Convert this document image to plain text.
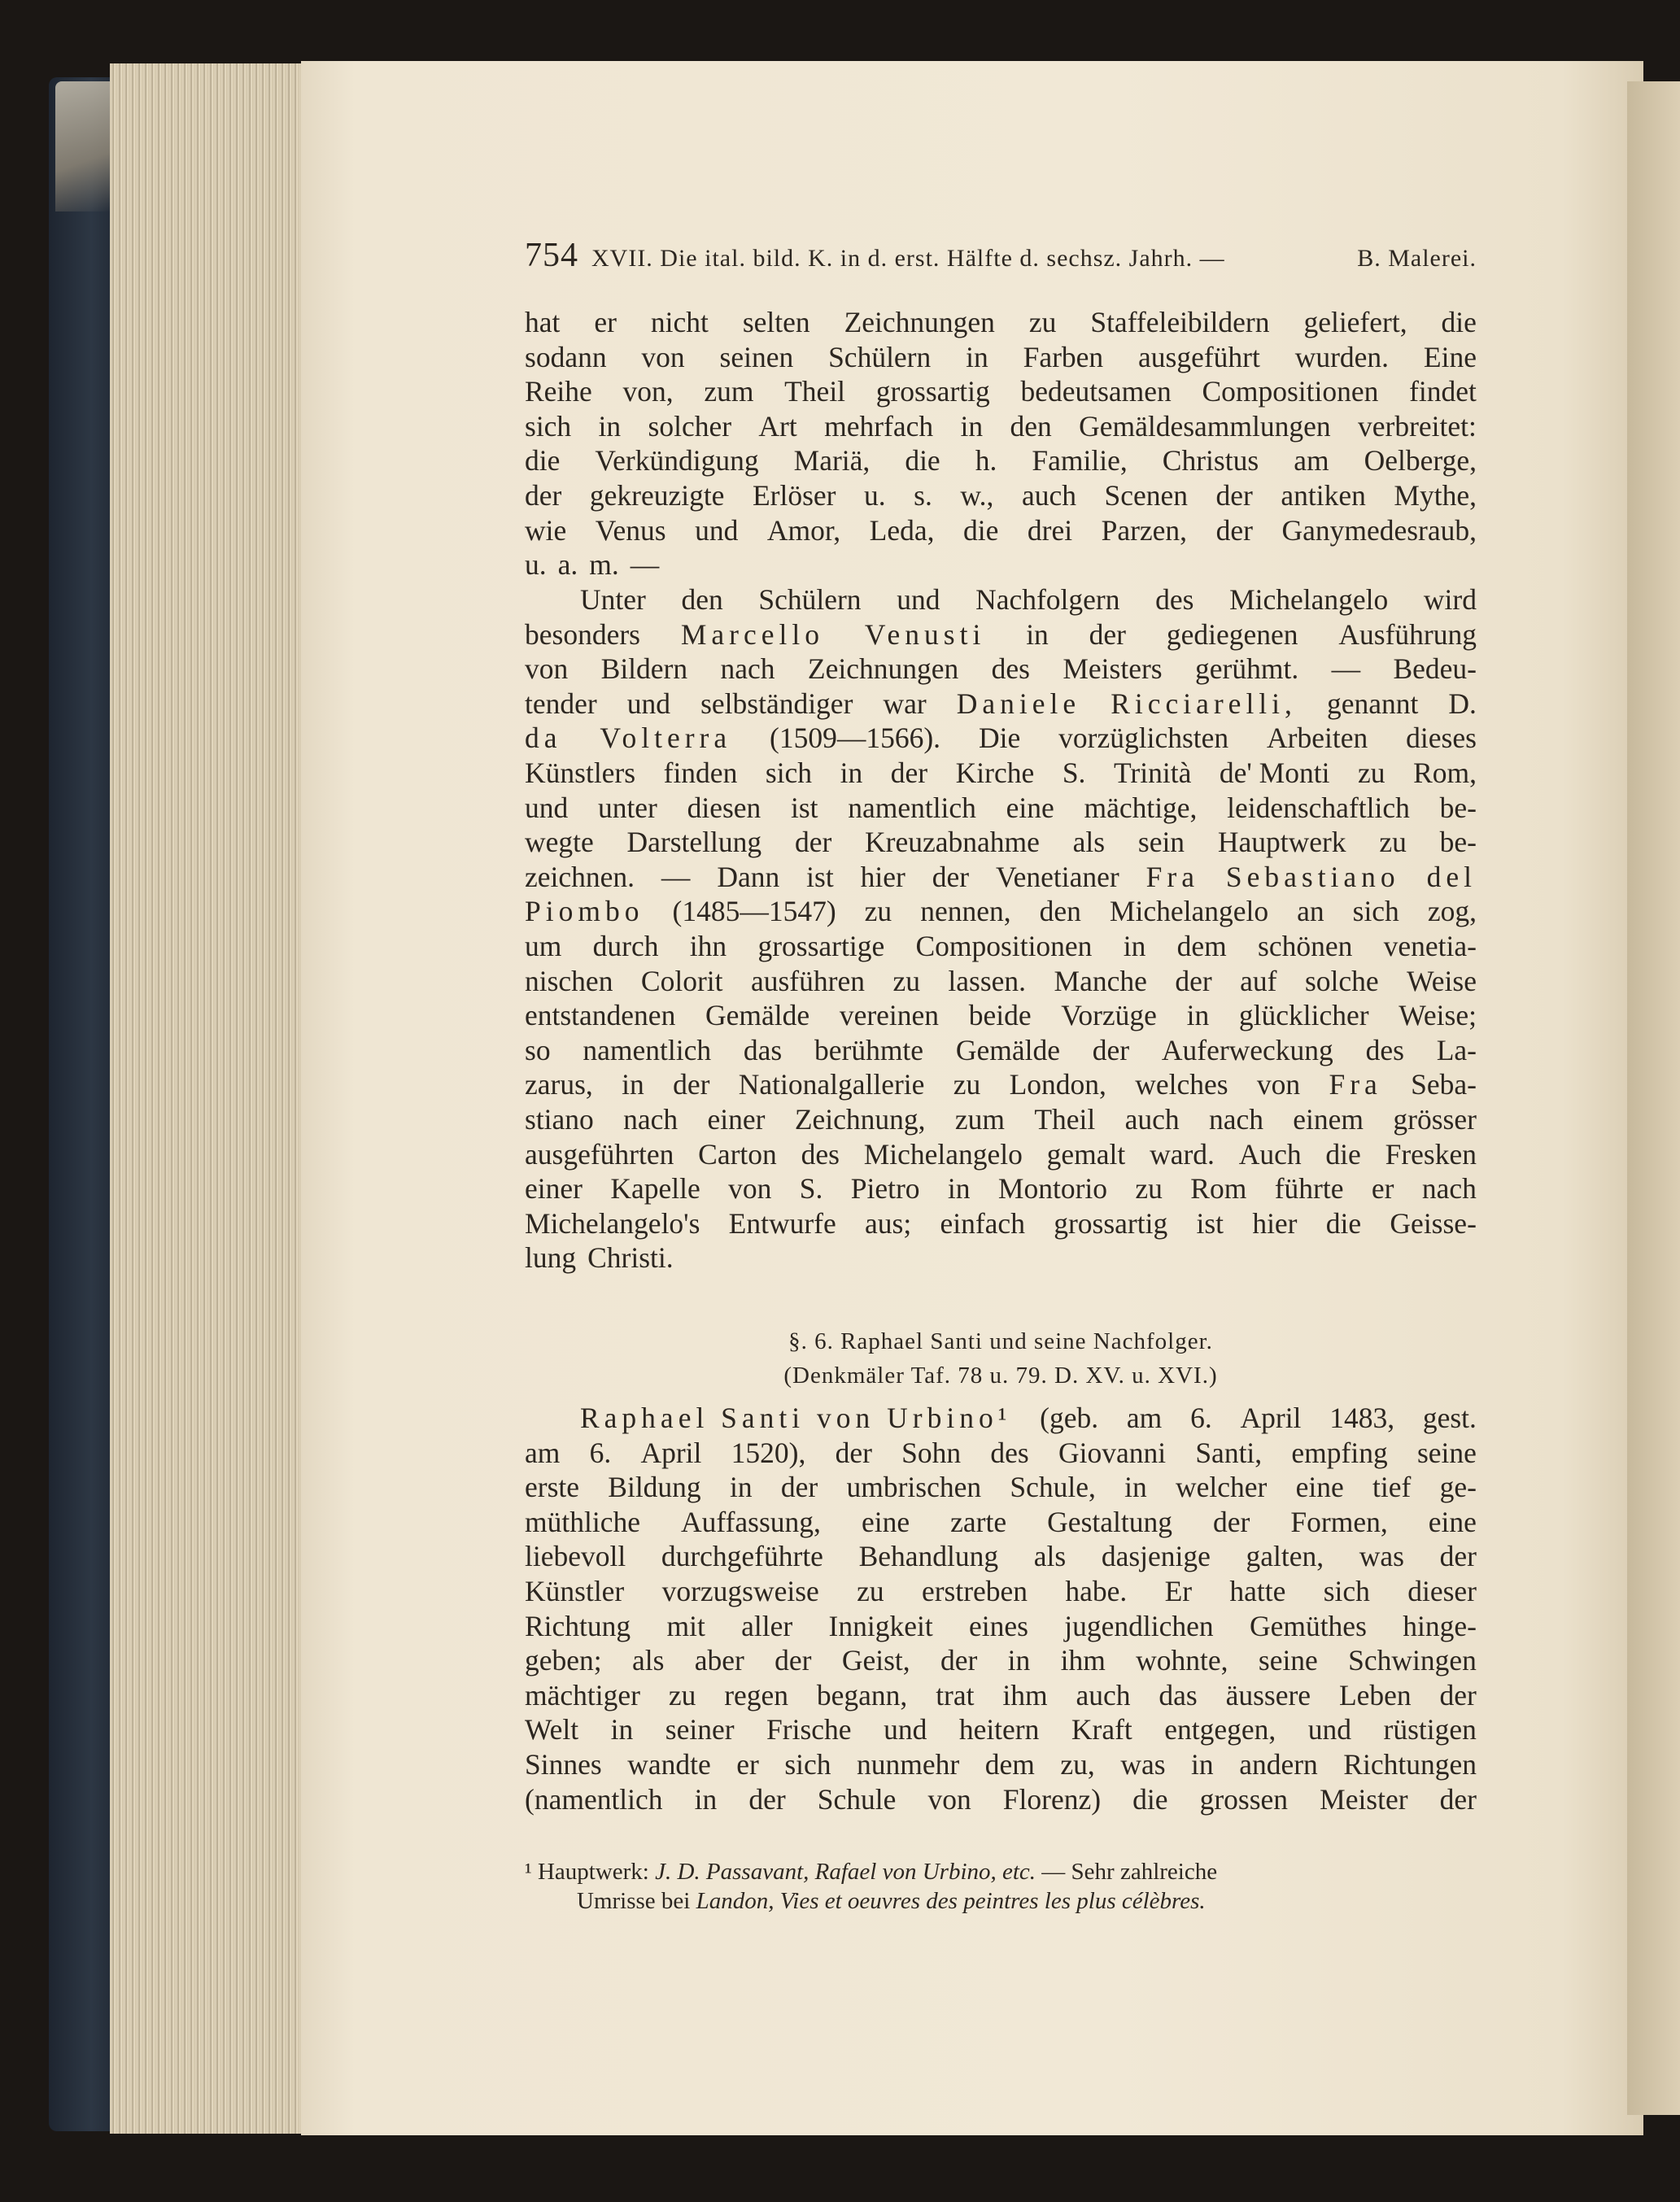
754 XVII. Die ital. bild. K. in d. erst. Hälfte d. sechsz. Jahrh. —	B. Malerei.
hat er nicht selten Zeichnungen zu Staffeleibildern geliefert, die
sodann von seinen Schülern in Farben ausgeführt wurden. Eine
Reihe von, zum Theil grossartig bedeutsamen Compositionen findet
sich in solcher Art mehrfach in den Gemäldesammlungen verbreitet:
die Verkündigung Mariä, die h. Familie, Christus am Oelberge,
der gekreuzigte Erlöser u. s. w., auch Scenen der antiken Mythe,
wie Venus und Amor, Leda, die drei Parzen, der Ganymedesraub,
u. a. m. —
Unter den Schülern und Nachfolgern des Michelangelo wird
besonders Marcello Venusti in der gediegenen Ausführung
von Bildern nach Zeichnungen des Meisters gerühmt. — Bedeu-
tender und selbständiger war Daniele Ricciarelli, genannt D.
da Volterra (1509—1566). Die vorzüglichsten Arbeiten dieses
Künstlers finden sich in der Kirche S. Trinità de' Monti zu Rom,
und unter diesen ist namentlich eine mächtige, leidenschaftlich be-
wegte Darstellung der Kreuzabnahme als sein Hauptwerk zu be-
zeichnen. — Dann ist hier der Venetianer Fra Sebastiano del
Piombo (1485—1547) zu nennen, den Michelangelo an sich zog,
um durch ihn grossartige Compositionen in dem schönen venetia-
nischen Colorit ausführen zu lassen. Manche der auf solche Weise
entstandenen Gemälde vereinen beide Vorzüge in glücklicher Weise;
so namentlich das berühmte Gemälde der Auferweckung des La-
zarus, in der Nationalgallerie zu London, welches von Fra Seba-
stiano nach einer Zeichnung, zum Theil auch nach einem grösser
ausgeführten Carton des Michelangelo gemalt ward. Auch die Fresken
einer Kapelle von S. Pietro in Montorio zu Rom führte er nach
Michelangelo's Entwurfe aus; einfach grossartig ist hier die Geisse-
lung Christi.
§. 6. Raphael Santi und seine Nachfolger.
(Denkmäler Taf. 78 u. 79. D. XV. u. XVI.)
Raphael Santi von Urbino¹ (geb. am 6. April 1483, gest.
am 6. April 1520), der Sohn des Giovanni Santi, empfing seine
erste Bildung in der umbrischen Schule, in welcher eine tief ge-
müthliche Auffassung, eine zarte Gestaltung der Formen, eine
liebevoll durchgeführte Behandlung als dasjenige galten, was der
Künstler vorzugsweise zu erstreben habe. Er hatte sich dieser
Richtung mit aller Innigkeit eines jugendlichen Gemüthes hinge-
geben; als aber der Geist, der in ihm wohnte, seine Schwingen
mächtiger zu regen begann, trat ihm auch das äussere Leben der
Welt in seiner Frische und heitern Kraft entgegen, und rüstigen
Sinnes wandte er sich nunmehr dem zu, was in andern Richtungen
(namentlich in der Schule von Florenz) die grossen Meister der
¹ Hauptwerk: J. D. Passavant, Rafael von Urbino, etc. — Sehr zahlreiche
Umrisse bei Landon, Vies et oeuvres des peintres les plus célèbres.
